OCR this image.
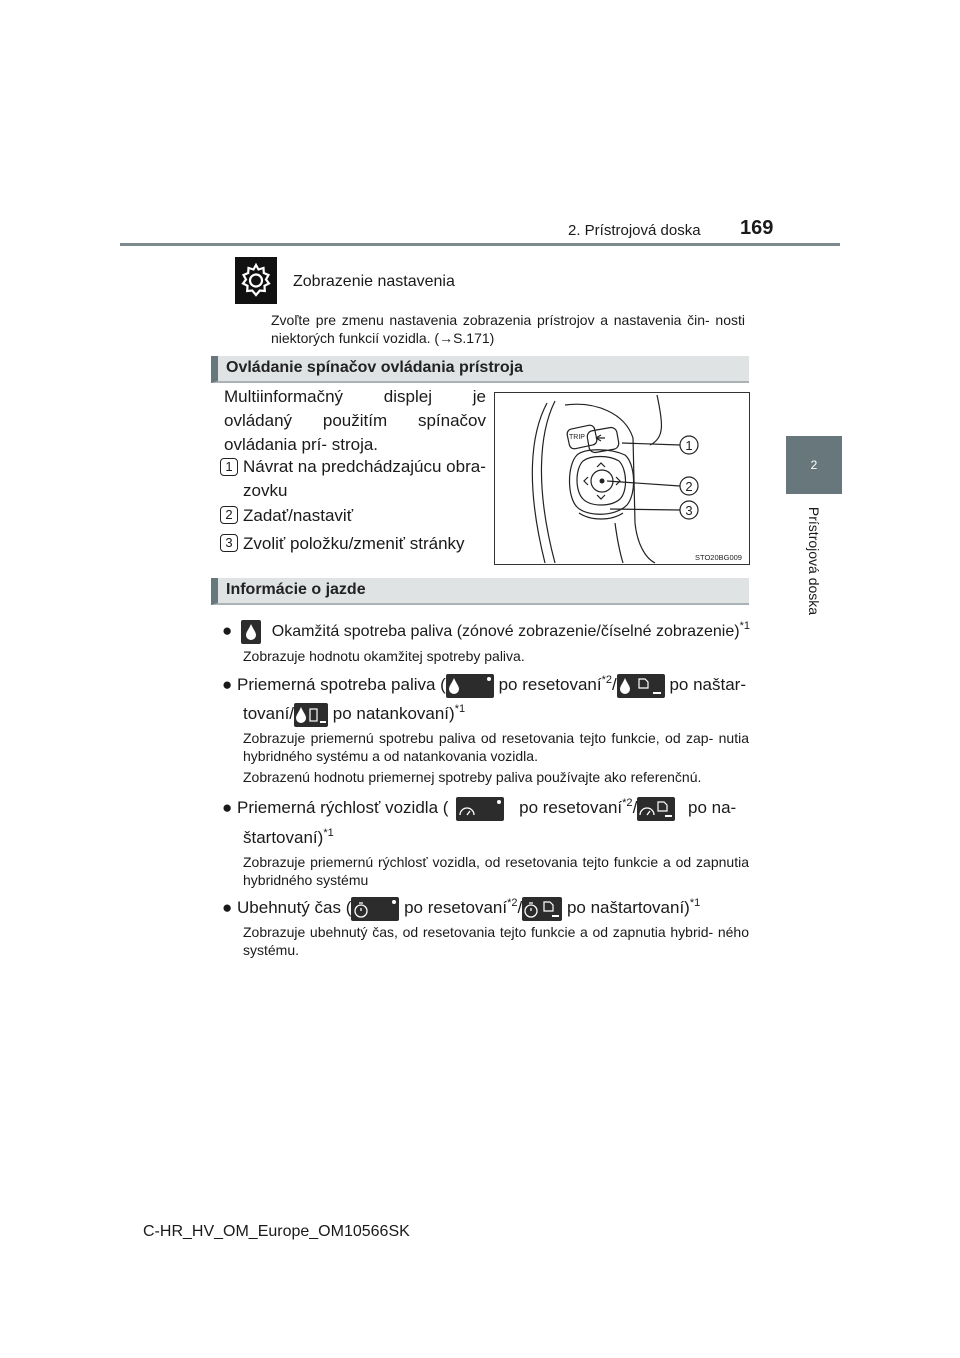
2. Prístrojová doska 169
2
Prístrojová doska
Zobrazenie nastavenia
Zvoľte pre zmenu nastavenia zobrazenia prístrojov a nastavenia čin- nosti niektorých funkcií vozidla. (→S.171)
Ovládanie spínačov ovládania prístroja
Multiinformačný displej je ovládaný použitím spínačov ovládania prí- stroja.
1 Návrat na predchádzajúcu obra-
zovku
2 Zadať/nastaviť
3 Zvoliť položku/zmeniť stránky
TRIP
1
2
3
STO20BG009
Informácie o jazde
● Okamžitá spotreba paliva (zónové zobrazenie/číselné zobrazenie)$^{*1}$
Zobrazuje hodnotu okamžitej spotreby paliva.
● Priemerná spotreba paliva (	po resetovaní$^{*2}$/	po naštar-
tovaní/
po natankovaní)$^{*1}$
Zobrazuje priemernú spotrebu paliva od resetovania tejto funkcie, od zap- nutia hybridného systému a od natankovania vozidla.
Zobrazenú hodnotu priemernej spotreby paliva používajte ako referenčnú.
● Priemerná rýchlosť vozidla (	po resetovaní$^{*2}$/	po na-
štartovaní)$^{*1}$
Zobrazuje priemernú rýchlosť vozidla, od resetovania tejto funkcie a od zapnutia hybridného systému
● Ubehnutý čas (	po resetovaní$^{*2}$/
po naštartovaní)$^{*1}$
Zobrazuje ubehnutý čas, od resetovania tejto funkcie a od zapnutia hybrid- ného systému.
C-HR_HV_OM_Europe_OM10566SK
